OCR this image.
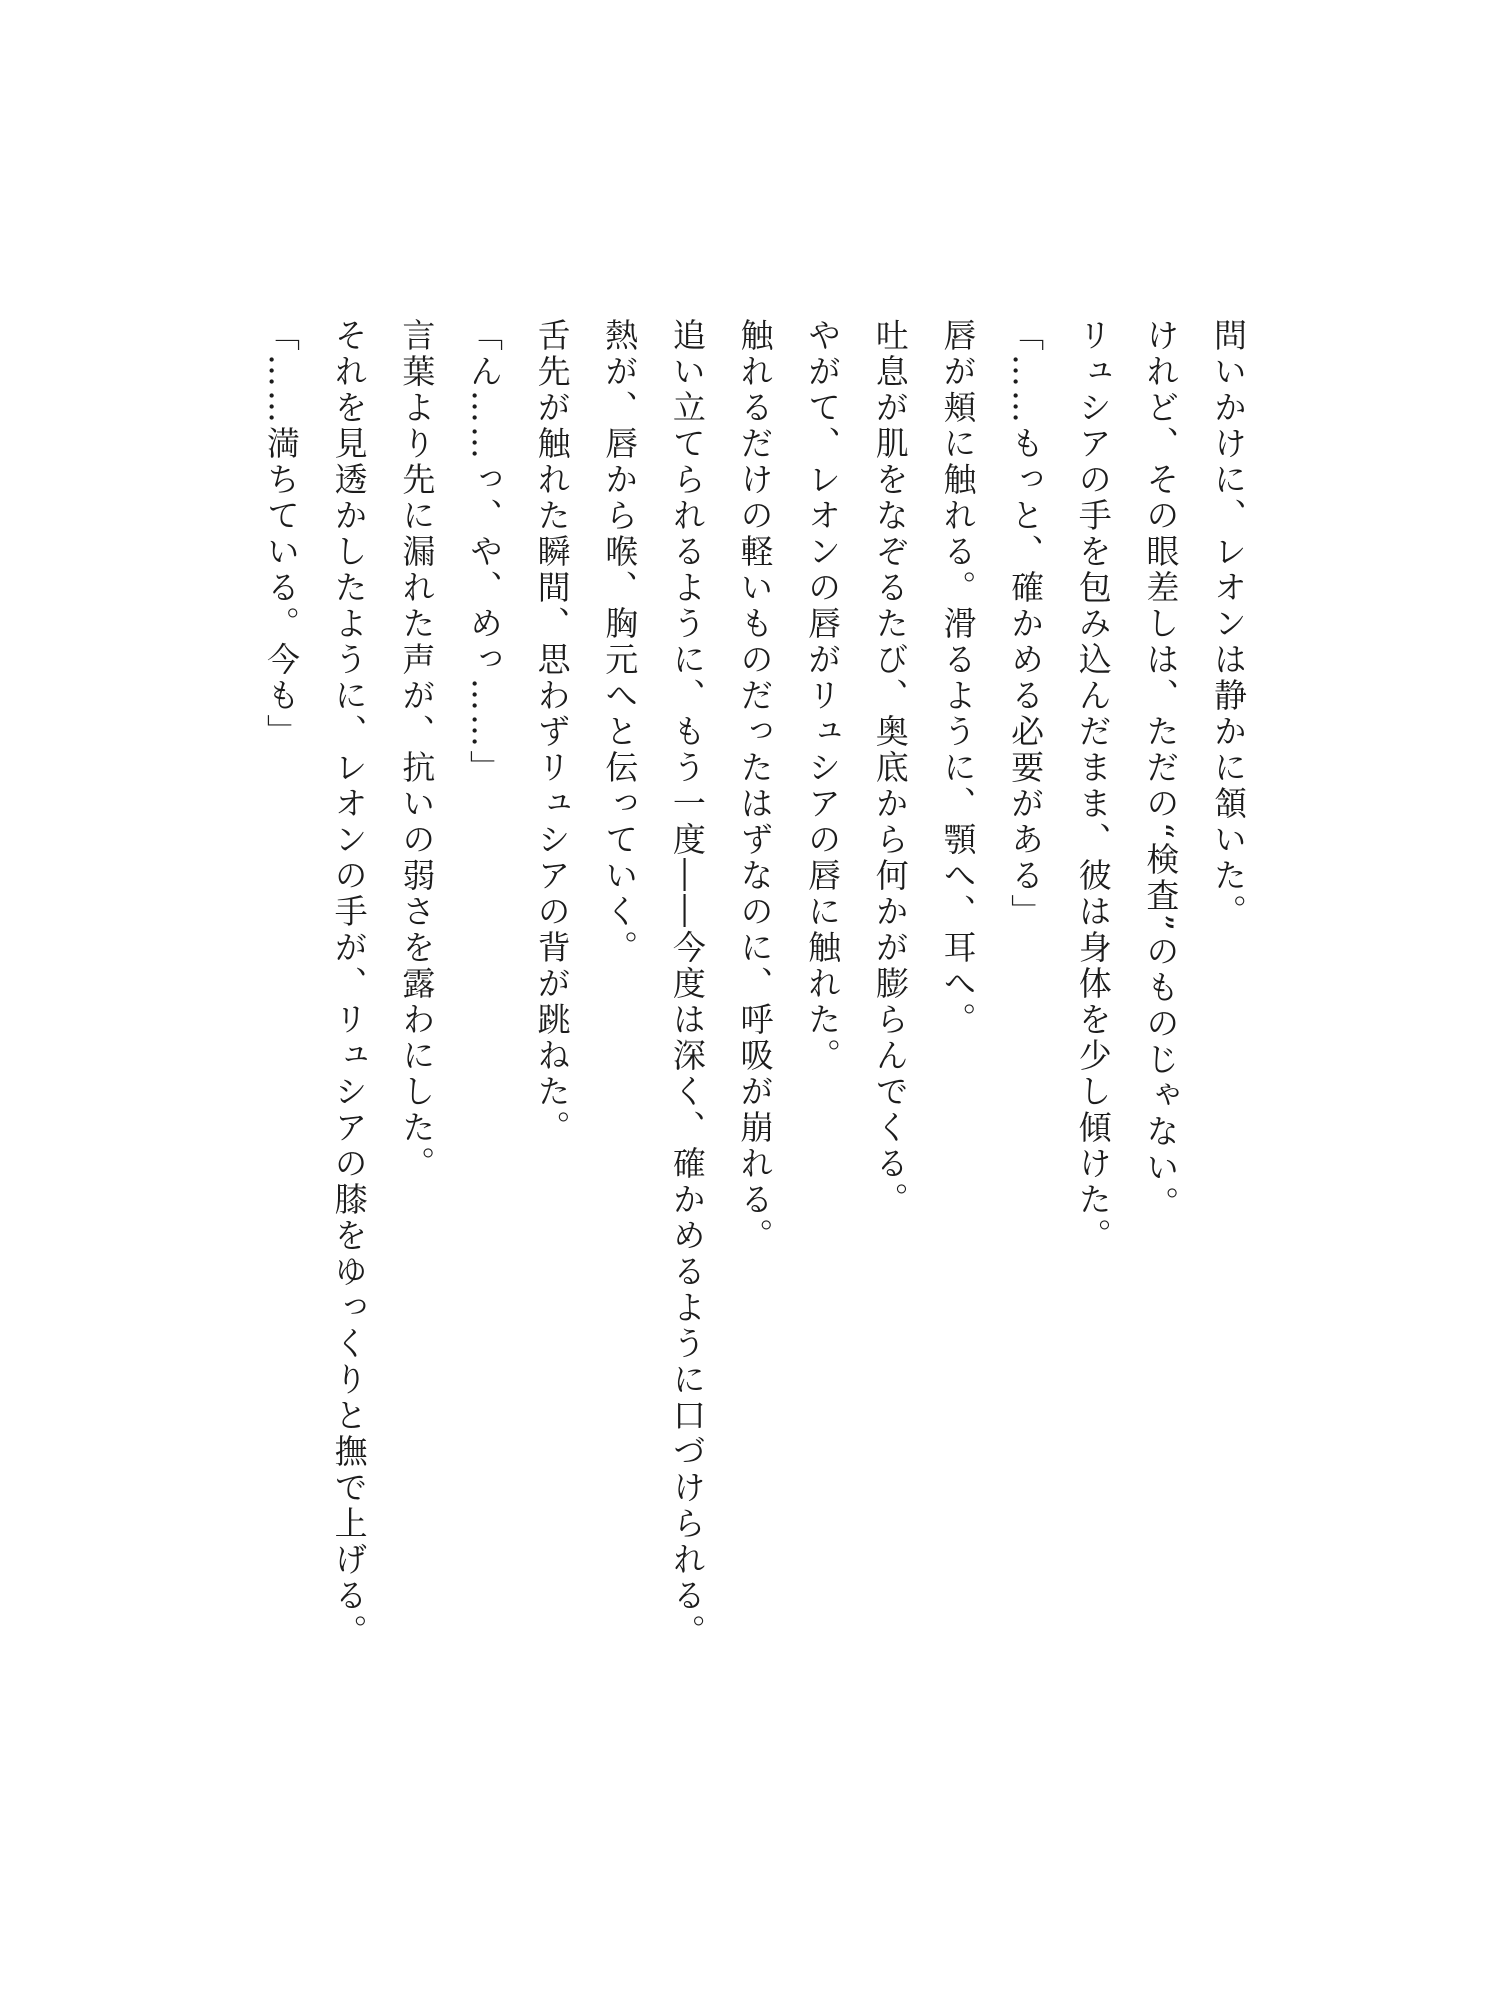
問いかけに、レオンは静かに頷いた。
けれど、その眼差しは、ただの“検査”のものじゃない。
リュシアの手を包み込んだまま、彼は身体を少し傾けた。
「……もっと、確かめる必要がある」
唇が頬に触れる。滑るように、顎へ、耳へ。
吐息が肌をなぞるたび、奥底から何かが膨らんでくる。
やがて、レオンの唇がリュシアの唇に触れた。
触れるだけの軽いものだったはずなのに、呼吸が崩れる。
追い立てられるように、もう一度――今度は深く、確かめるように口づけられる。
熱が、唇から喉、胸元へと伝っていく。
舌先が触れた瞬間、思わずリュシアの背が跳ねた。
「ん……っ、や、めっ……」
言葉より先に漏れた声が、抗いの弱さを露わにした。
それを見透かしたように、レオンの手が、リュシアの膝をゆっくりと撫で上げる。
「……満ちている。今も」
